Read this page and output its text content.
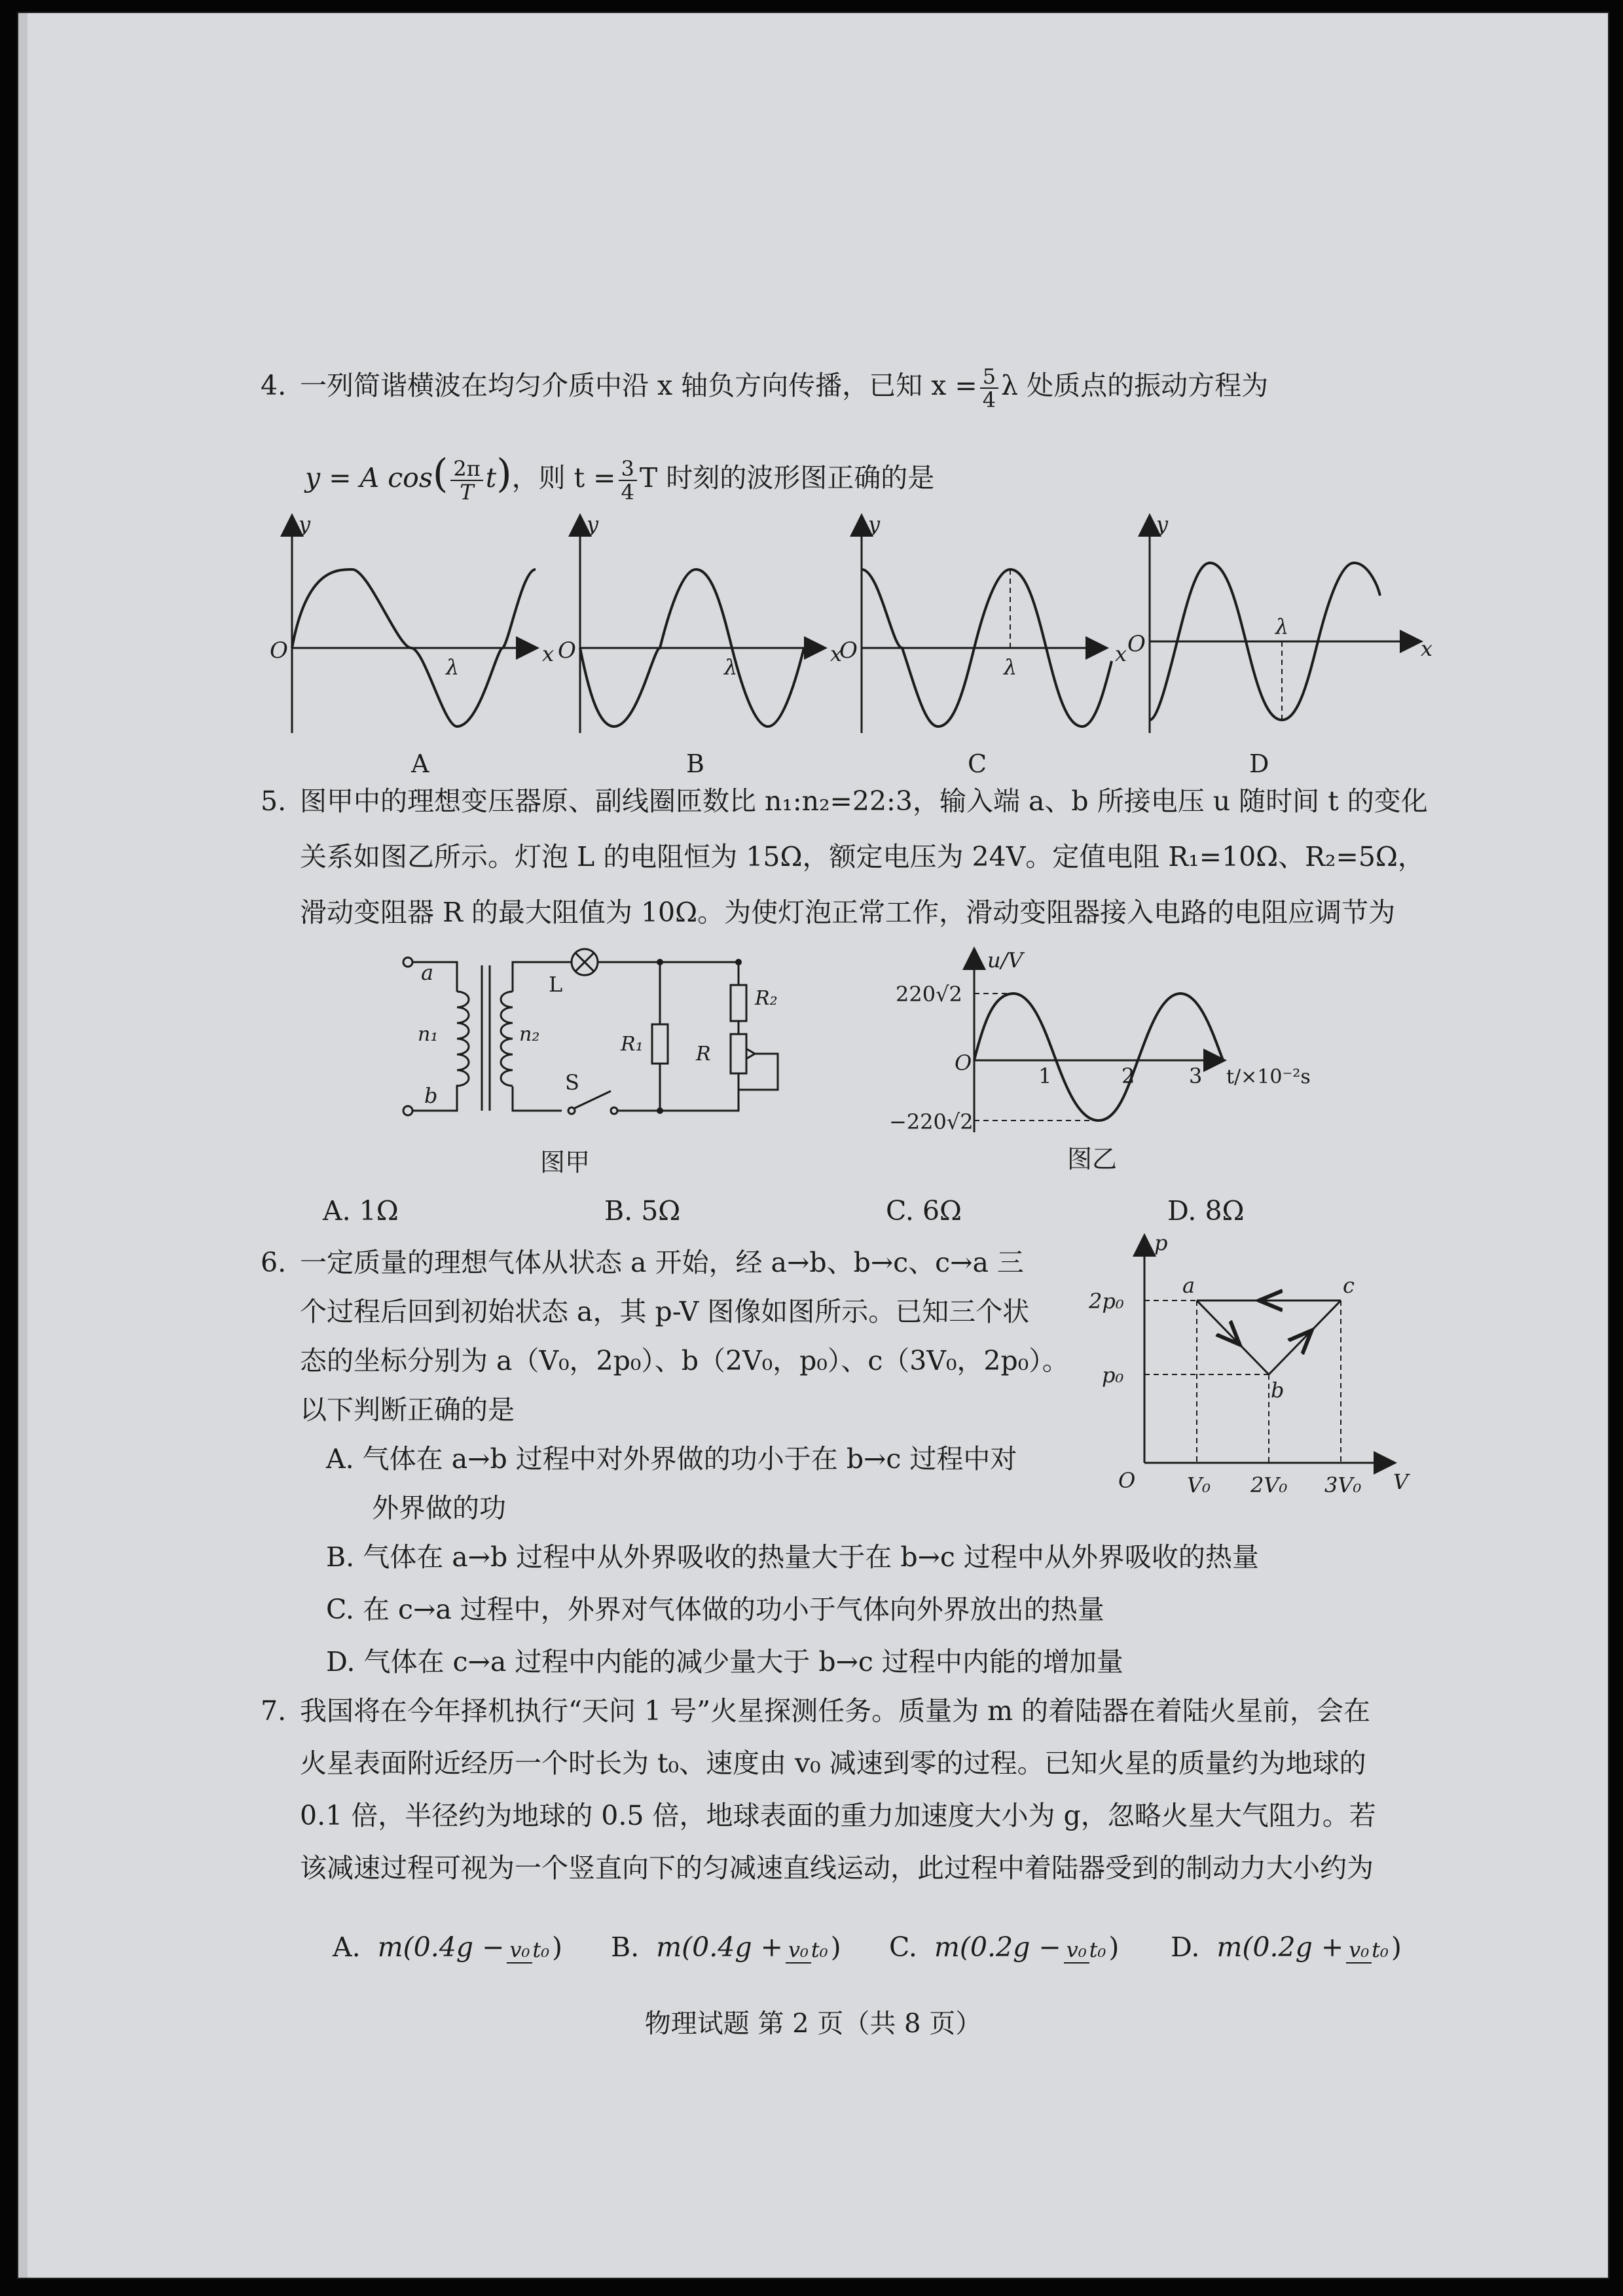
4. 一列简谐横波在均匀介质中沿 x 轴负方向传播，已知 $x = \frac{5}{4}$ λ 处质点的振动方程为
y = A $\cos( \frac{2\pi}{T}t)$，则 $t = \frac{3}{4}$ T 时刻的波形图正确的是
O
y
x
λ
A
O
y
x
λ
B
O
y
x
λ
C
O
y
x
λ
D
5. 图甲中的理想变压器原、副线圈匝数比 n₁:n₂=22:3，输入端 a、b 所接电压 u 随时间 t 的变化
关系如图乙所示。灯泡 L 的电阻恒为 15Ω，额定电压为 24V。定值电阻 R₁=10Ω、R₂=5Ω，
滑动变阻器 R 的最大阻值为 10Ω。为使灯泡正常工作，滑动变阻器接入电路的电阻应调节为
a
b
n₁	n₂
L
S
R₁
R₂
R
图甲
u/V
220√2
−220√2
O
1	2	3 t/×10⁻²s
图乙
A. 1Ω	B. 5Ω	C. 6Ω	D. 8Ω
6. 一定质量的理想气体从状态 a 开始，经 a→b、b→c、c→a 三
个过程后回到初始状态 a，其 p-V 图像如图所示。已知三个状
态的坐标分别为 a（V₀，2p₀）、b（2V₀，p₀）、c（3V₀，2p₀）。
以下判断正确的是
A. 气体在 a→b 过程中对外界做的功小于在 b→c 过程中对
外界做的功
B. 气体在 a→b 过程中从外界吸收的热量大于在 b→c 过程中从外界吸收的热量
C. 在 c→a 过程中，外界对气体做的功小于气体向外界放出的热量
D. 气体在 c→a 过程中内能的减少量大于 b→c 过程中内能的增加量
p
V
O
2p₀
p₀
V₀ 2V₀ 3V₀
a
b
c
7. 我国将在今年择机执行“天问 1 号”火星探测任务。质量为 m 的着陆器在着陆火星前，会在
火星表面附近经历一个时长为 t₀、速度由 v₀ 减速到零的过程。已知火星的质量约为地球的
0.1 倍，半径约为地球的 0.5 倍，地球表面的重力加速度大小为 g，忽略火星大气阻力。若
该减速过程可视为一个竖直向下的匀减速直线运动，此过程中着陆器受到的制动力大小约为
A. m(0.4g − v₀ t₀) B. m(0.4g + v₀ t₀) C. m(0.2g − v₀ t₀) D. m(0.2g + v₀ t₀)
物理试题 第 2 页（共 8 页）
